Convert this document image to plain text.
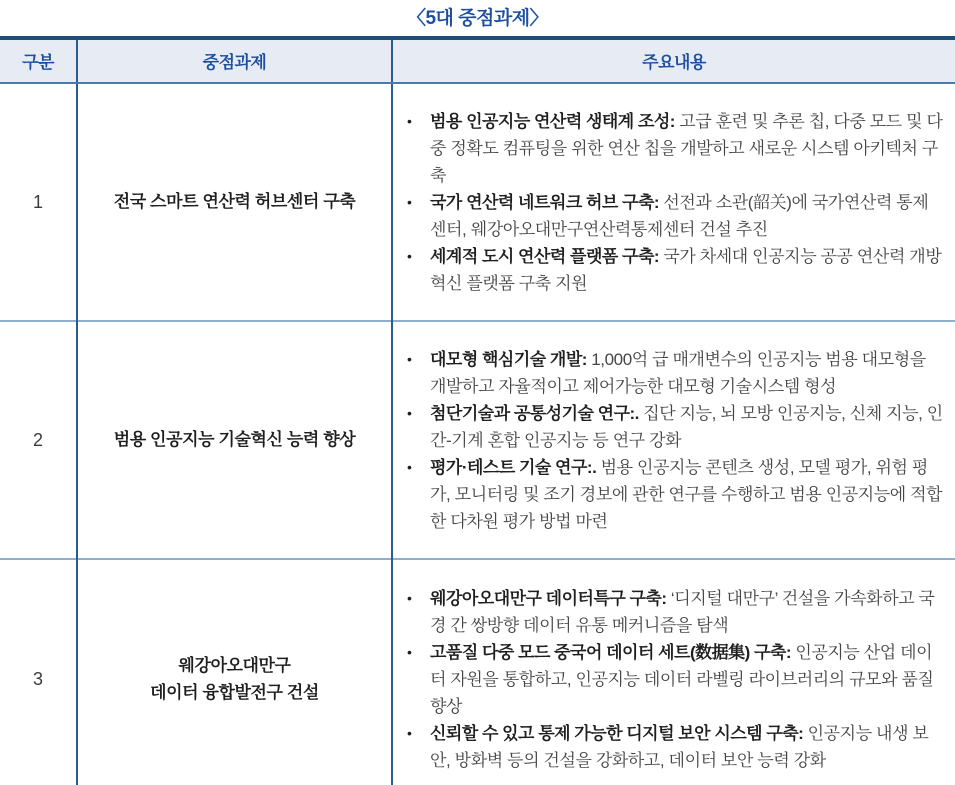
〈5대 중점과제〉
구분	중점과제	주요내용
1	전국 스마트 연산력 허브센터 구축	
•	범용 인공지능 연산력 생태계 조성: 고급 훈련 및 추론 칩, 다중 모드 및 다중 정확도 컴퓨팅을 위한 연산 칩을 개발하고 새로운 시스템 아키텍처 구축
•	국가 연산력 네트워크 허브 구축: 선전과 소관(韶关)에 국가연산력 통제센터, 웨강아오대만구연산력통제센터 건설 추진
•	세계적 도시 연산력 플랫폼 구축: 국가 차세대 인공지능 공공 연산력 개방혁신 플랫폼 구축 지원

2	범용 인공지능 기술혁신 능력 향상	
•	대모형 핵심기술 개발: 1,000억 급 매개변수의 인공지능 범용 대모형을 개발하고 자율적이고 제어가능한 대모형 기술시스템 형성
•	첨단기술과 공통성기술 연구:. 집단 지능, 뇌 모방 인공지능, 신체 지능, 인간-기계 혼합 인공지능 등 연구 강화
•	평가·테스트 기술 연구:. 범용 인공지능 콘텐츠 생성, 모델 평가, 위험 평가, 모니터링 및 조기 경보에 관한 연구를 수행하고 범용 인공지능에 적합한 다차원 평가 방법 마련

3	웨강아오대만구
데이터 융합발전구 건설	
•	웨강아오대만구 데이터특구 구축: ‘디지털 대만구’ 건설을 가속화하고 국경 간 쌍방향 데이터 유통 메커니즘을 탐색
•	고품질 다중 모드 중국어 데이터 세트(数据集) 구축: 인공지능 산업 데이터 자원을 통합하고, 인공지능 데이터 라벨링 라이브러리의 규모와 품질 향상
•	신뢰할 수 있고 통제 가능한 디지털 보안 시스템 구축: 인공지능 내생 보안, 방화벽 등의 건설을 강화하고, 데이터 보안 능력 강화
